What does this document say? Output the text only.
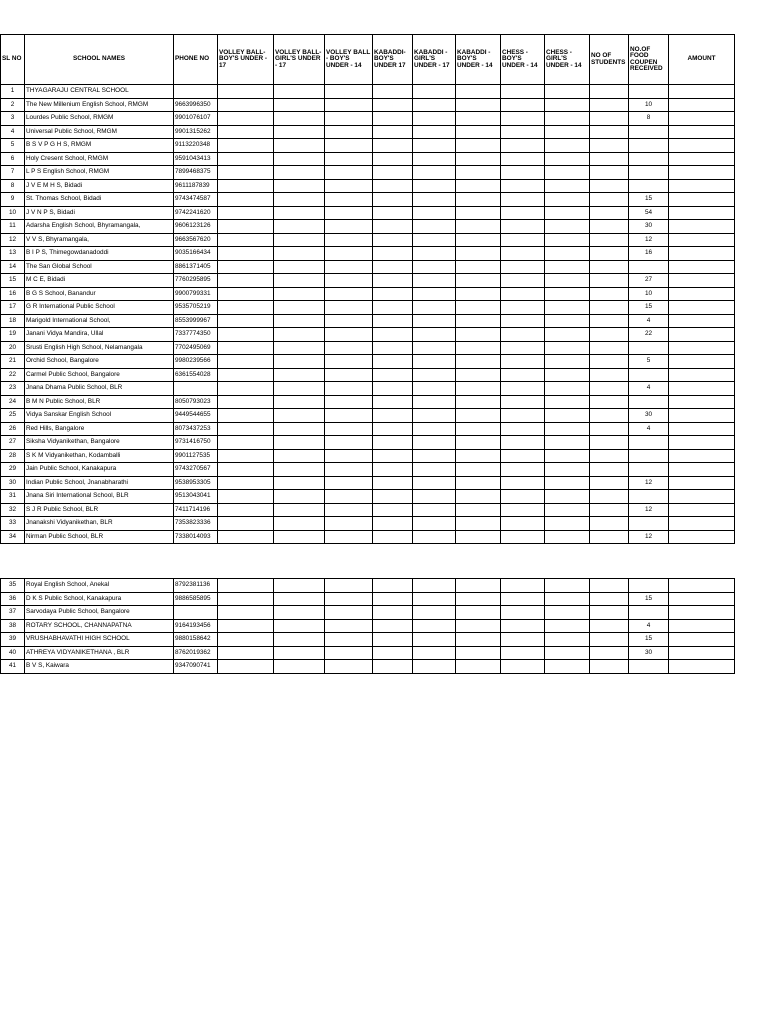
SL NO	SCHOOL NAMES	PHONE NO	VOLLEY BALL-BOY'S UNDER - 17	VOLLEY BALL-GIRL'S UNDER - 17	VOLLEY BALL - BOY'S UNDER - 14	KABADDI- BOY'S UNDER 17	KABADDI - GIRL'S UNDER - 17	KABADDI - BOY'S UNDER - 14	CHESS - BOY'S UNDER - 14	CHESS - GIRL'S UNDER - 14	NO OF STUDENTS	NO.OF FOOD COUPEN RECEIVED	AMOUNT
1	THYAGARAJU CENTRAL SCHOOL												
2	The New Millenium English School, RMGM	9663996350										10	
3	Lourdes Public School, RMGM	9901076107										8	
4	Universal Public School, RMGM	9901315262											
5	B S V P G H S, RMGM	9113220348											
6	Holy Cresent School, RMGM	9591043413											
7	L P S English School, RMGM	7899468375											
8	J V E M H S, Bidadi	9611187839											
9	St. Thomas School, Bidadi	9743474587										15	
10	J V N P S, Bidadi	9742241620										54	
11	Adarsha English School, Bhyramangala,	9606123126										30	
12	V V S, Bhyramangala,	9663567620										12	
13	B I P S, Thimegowdanadoddi	9035166434										16	
14	The San Global School	8861371405											
15	M C E, Bidadi	7760295895										27	
16	B G S School, Banandur	9900799331										10	
17	G R International Public School	9535705219										15	
18	Marigold International School,	8553999967										4	
19	Janani Vidya Mandira, Ullal	7337774350										22	
20	Srusti English High School, Nelamangala	7702495069											
21	Orchid School, Bangalore	9980239566										5	
22	Carmel Public School, Bangalore	6361554028											
23	Jnana Dhama Public School, BLR											4	
24	B M N Public School, BLR	8050793023											
25	Vidya Sanskar English School	9449544655										30	
26	Red Hills, Bangalore	8073437253										4	
27	Siksha Vidyanikethan, Bangalore	9731416750											
28	S K M Vidyanikethan, Kodamballi	9901127535											
29	Jain Public School, Kanakapura	9743270567											
30	Indian Public School, Jnanabharathi	9538953305										12	
31	Jnana Siri International School, BLR	9513043041											
32	S J R Public School, BLR	7411714196										12	
33	Jnanakshi Vidyanikethan, BLR	7353823336											
34	Nirman Public School, BLR	7338014093										12	
35	Royal English School, Anekal	8792381136											
36	D K S Public School, Kanakapura	9886585895										15	
37	Sarvodaya Public School, Bangalore												
38	ROTARY SCHOOL, CHANNAPATNA	9164193456										4	
39	VRUSHABHAVATHI HIGH SCHOOL	9880158642										15	
40	ATHREYA VIDYANIKETHANA , BLR	8762019362										30	
41	B V S, Kaiwara	9347090741											
